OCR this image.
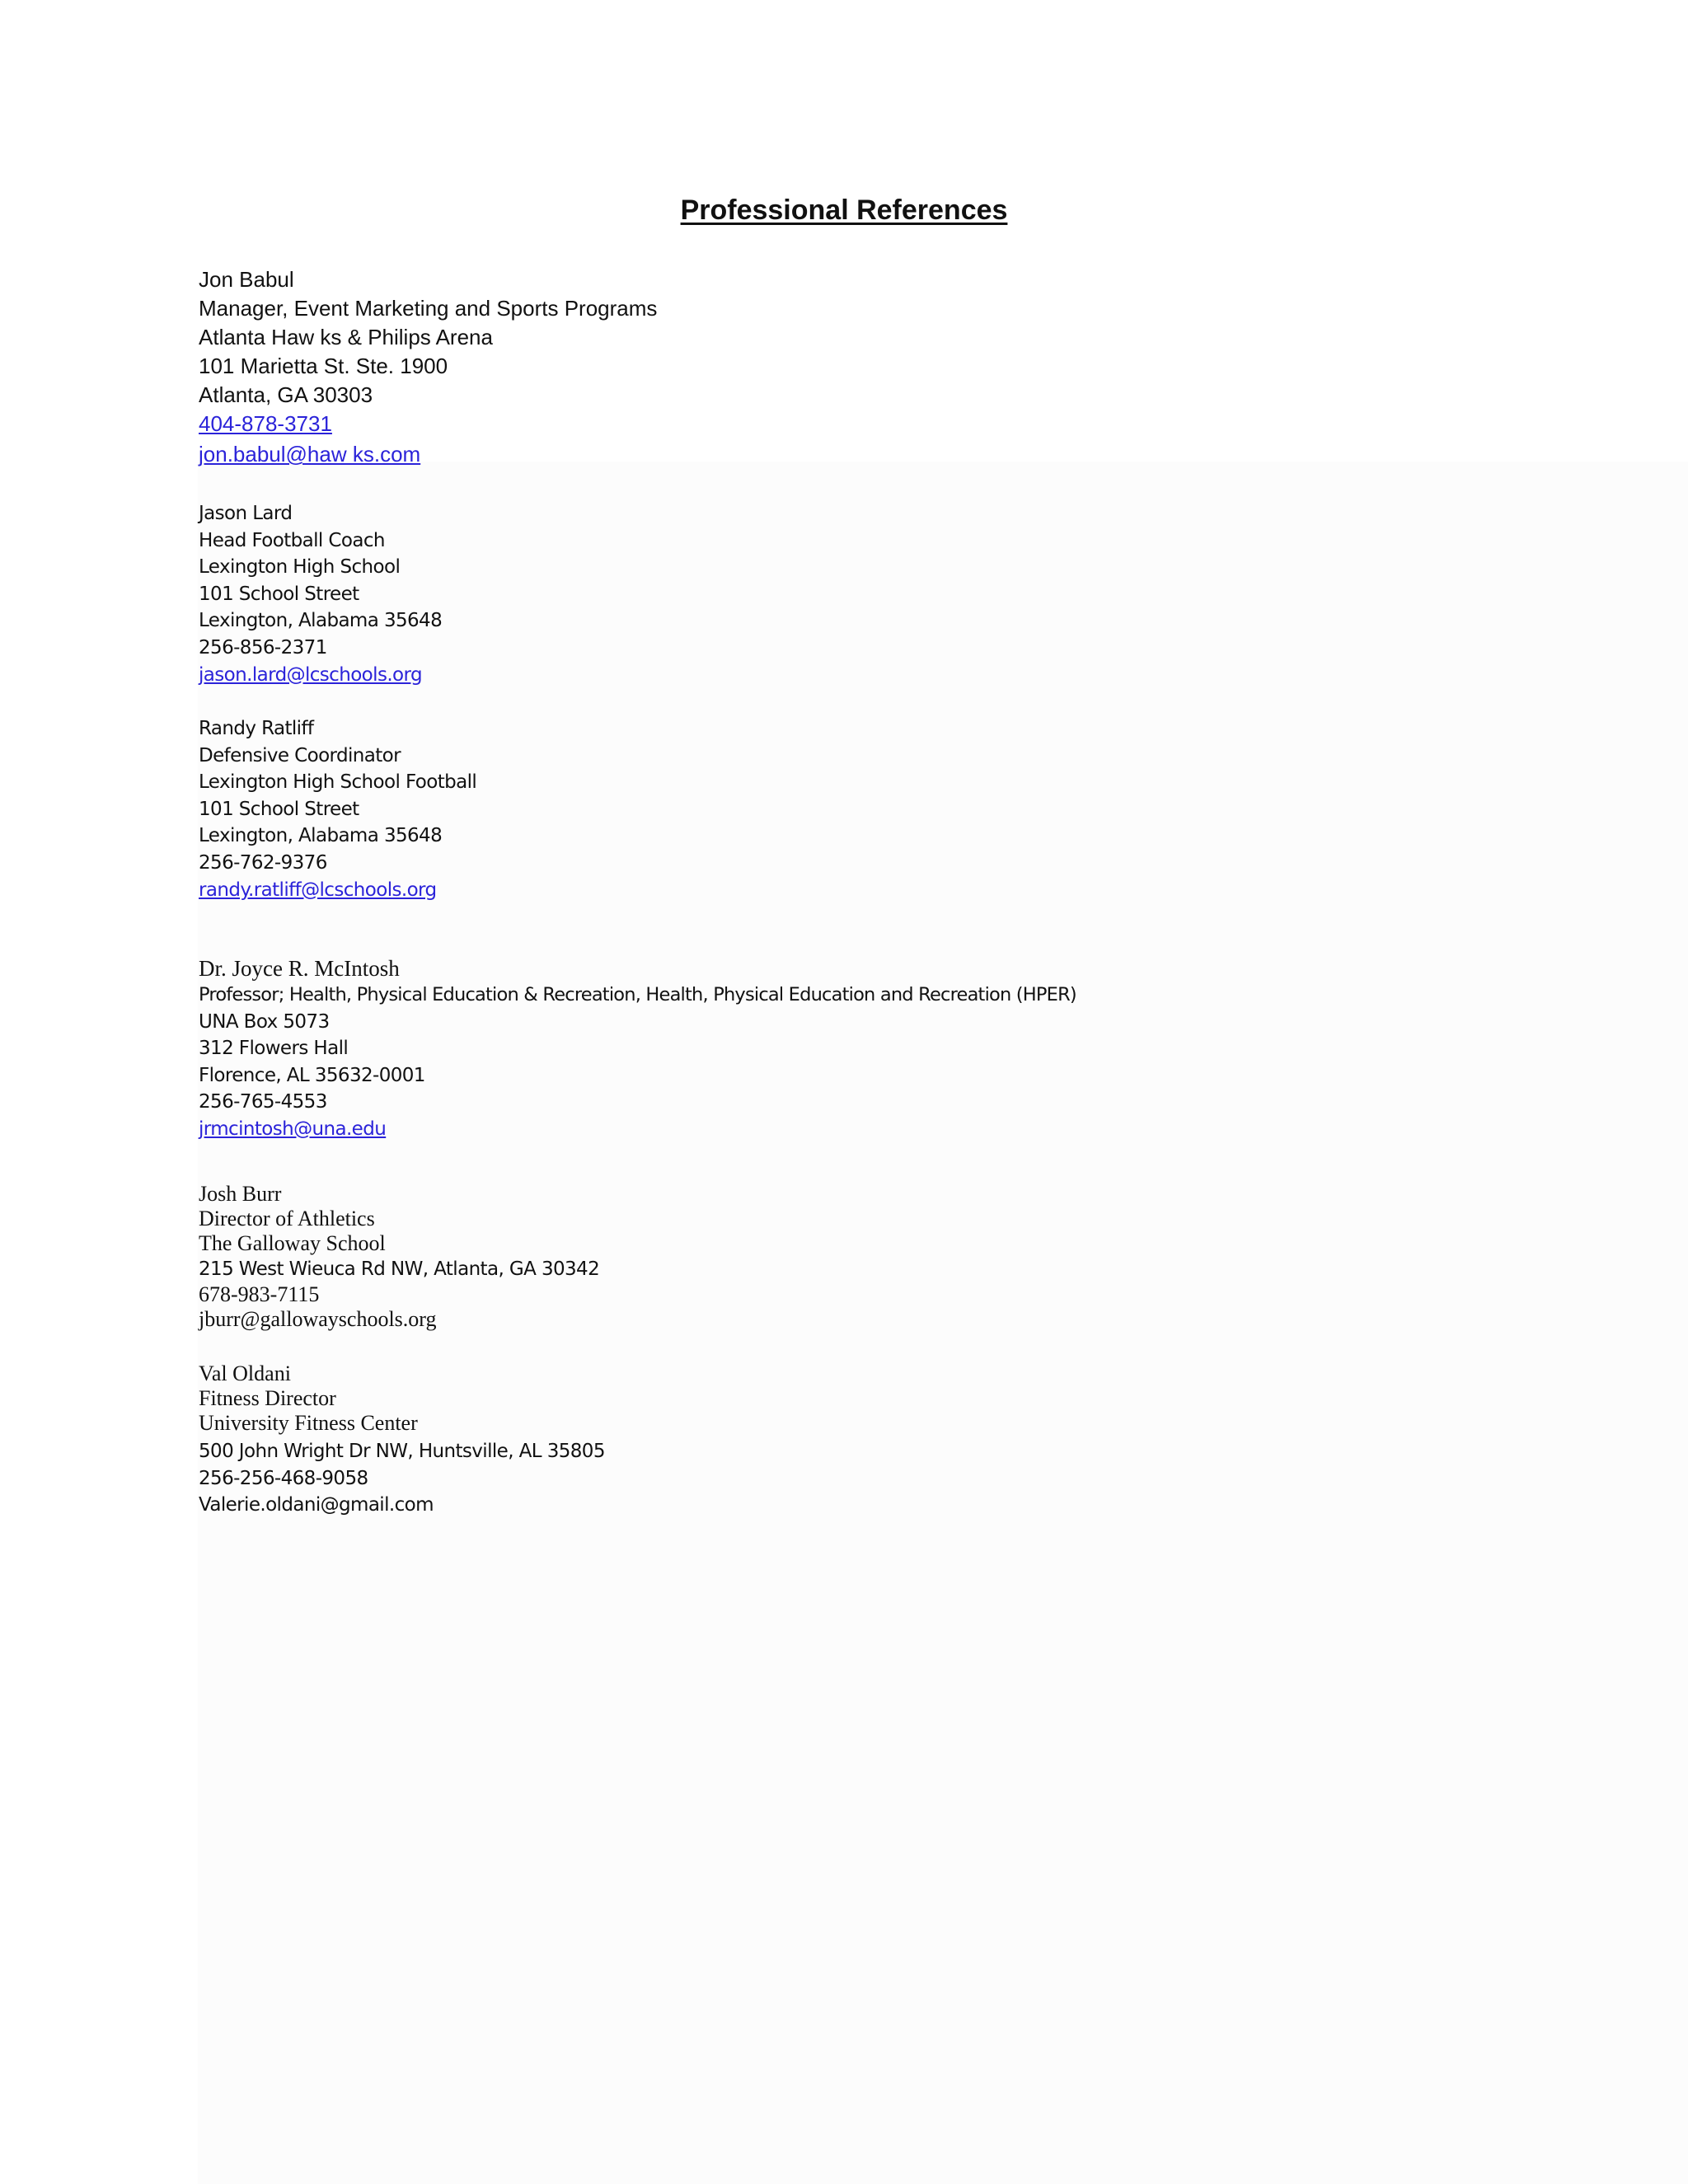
Professional References
Jon Babul
Manager, Event Marketing and Sports Programs
Atlanta Haw ks & Philips Arena
101 Marietta St. Ste. 1900
Atlanta, GA 30303
404-878-3731
jon.babul@haw ks.com
Jason Lard
Head Football Coach
Lexington High School
101 School Street
Lexington, Alabama 35648
256-856-2371
jason.lard@lcschools.org
Randy Ratliff
Defensive Coordinator
Lexington High School Football
101 School Street
Lexington, Alabama 35648
256-762-9376
randy.ratliff@lcschools.org
Dr. Joyce R. McIntosh
Professor; Health, Physical Education & Recreation, Health, Physical Education and Recreation (HPER)
UNA Box 5073
312 Flowers Hall
Florence, AL 35632-0001
256-765-4553
jrmcintosh@una.edu
Josh Burr
Director of Athletics
The Galloway School
215 West Wieuca Rd NW, Atlanta, GA 30342
678-983-7115
jburr@gallowayschools.org
Val Oldani
Fitness Director
University Fitness Center
500 John Wright Dr NW, Huntsville, AL 35805
256-256-468-9058
Valerie.oldani@gmail.com
